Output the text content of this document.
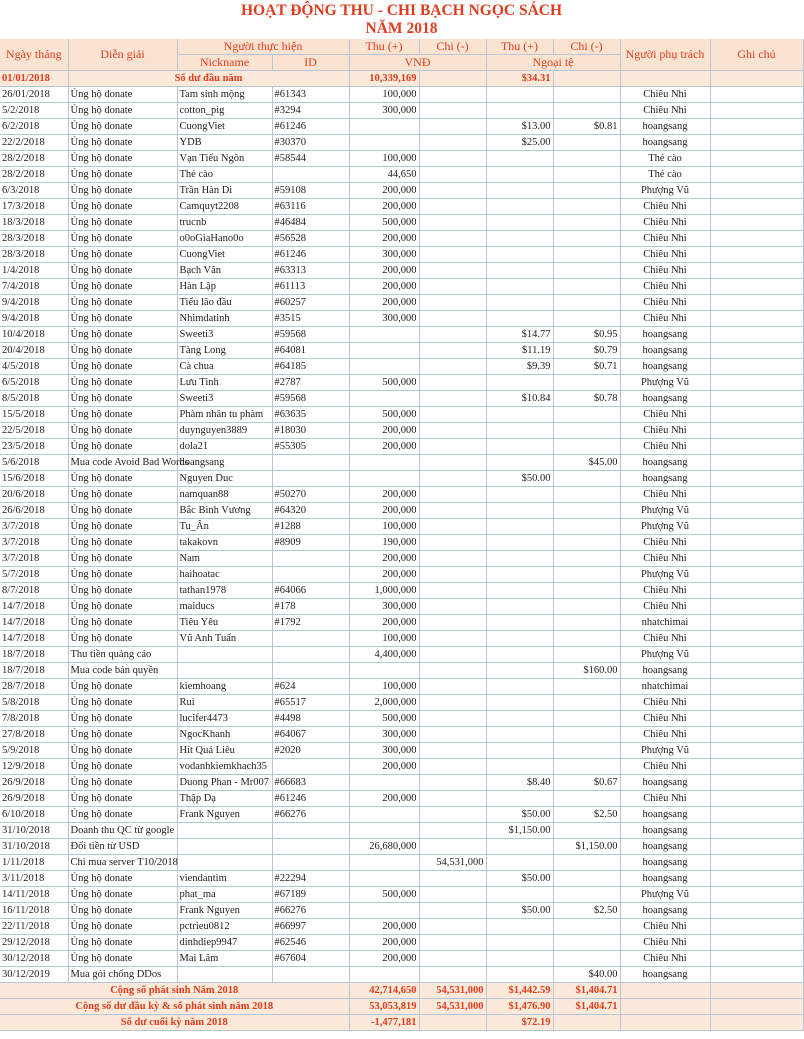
HOẠT ĐỘNG THU - CHI BẠCH NGỌC SÁCH
NĂM 2018
Ngày tháng	Diễn giải	Người thực hiện		Thu (+)	Chi (-)	Thu (+)	Chi (-)	Người phụ trách	Ghi chú
		Nickname	ID	VNĐ		Ngoại tệ			
01/01/2018	Số dư đầu năm			10,339,169		$34.31			
26/01/2018	Ủng hộ donate	Tam sinh mộng	#61343	100,000				Chiêu Nhi	
5/2/2018	Ủng hộ donate	cotton_pig	#3294	300,000				Chiêu Nhi	
6/2/2018	Ủng hộ donate	CuongViet	#61246			$13.00	$0.81	hoangsang	
22/2/2018	Ủng hộ donate	YDB	#30370			$25.00		hoangsang	
28/2/2018	Ủng hộ donate	Vạn Tiếu Ngôn	#58544	100,000				Thẻ cào	
28/2/2018	Ủng hộ donate	Thẻ cào		44,650				Thẻ cào	
6/3/2018	Ủng hộ donate	Trần Hàn Di	#59108	200,000				Phượng Vũ	
17/3/2018	Ủng hộ donate	Camquyt2208	#63116	200,000				Chiêu Nhi	
18/3/2018	Ủng hộ donate	trucnb	#46484	500,000				Chiêu Nhi	
28/3/2018	Ủng hộ donate	o0oGiaHano0o	#56528	200,000				Chiêu Nhi	
28/3/2018	Ủng hộ donate	CuongViet	#61246	300,000				Chiêu Nhi	
1/4/2018	Ủng hộ donate	Bạch Vân	#63313	200,000				Chiêu Nhi	
7/4/2018	Ủng hộ donate	Hàn Lập	#61113	200,000				Chiêu Nhi	
9/4/2018	Ủng hộ donate	Tiểu lão đầu	#60257	200,000				Chiêu Nhi	
9/4/2018	Ủng hộ donate	Nhimdatinh	#3515	300,000				Chiêu Nhi	
10/4/2018	Ủng hộ donate	Sweeti3	#59568			$14.77	$0.95	hoangsang	
20/4/2018	Ủng hộ donate	Tàng Long	#64081			$11.19	$0.79	hoangsang	
4/5/2018	Ủng hộ donate	Cà chua	#64185			$9.39	$0.71	hoangsang	
6/5/2018	Ủng hộ donate	Lưu Tinh	#2787	500,000				Phượng Vũ	
8/5/2018	Ủng hộ donate	Sweeti3	#59568			$10.84	$0.78	hoangsang	
15/5/2018	Ủng hộ donate	Phàm nhân tu phàm	#63635	500,000				Chiêu Nhi	
22/5/2018	Ủng hộ donate	duynguyen3889	#18030	200,000				Chiêu Nhi	
23/5/2018	Ủng hộ donate	dola21	#55305	200,000				Chiêu Nhi	
5/6/2018	Mua code Avoid Bad Words	hoangsang					$45.00	hoangsang	
15/6/2018	Ủng hộ donate	Nguyen Duc				$50.00		hoangsang	
20/6/2018	Ủng hộ donate	namquan88	#50270	200,000				Chiêu Nhi	
26/6/2018	Ủng hộ donate	Bắc Bình Vương	#64320	200,000				Phượng Vũ	
3/7/2018	Ủng hộ donate	Tu_Ân	#1288	100,000				Phượng Vũ	
3/7/2018	Ủng hộ donate	takakovn	#8909	190,000				Chiêu Nhi	
3/7/2018	Ủng hộ donate	Nam		200,000				Chiêu Nhi	
5/7/2018	Ủng hộ donate	haihoatac		200,000				Phượng Vũ	
8/7/2018	Ủng hộ donate	tathan1978	#64066	1,000,000				Chiêu Nhi	
14/7/2018	Ủng hộ donate	maiducs	#178	300,000				Chiêu Nhi	
14/7/2018	Ủng hộ donate	Tiêu Yêu	#1792	200,000				nhatchimai	
14/7/2018	Ủng hộ donate	Vũ Anh Tuấn		100,000				Chiêu Nhi	
18/7/2018	Thu tiền quảng cáo			4,400,000				Phượng Vũ	
18/7/2018	Mua code bản quyền						$160.00	hoangsang	
28/7/2018	Ủng hộ donate	kiemhoang	#624	100,000				nhatchimai	
5/8/2018	Ủng hộ donate	Rui	#65517	2,000,000				Chiêu Nhi	
7/8/2018	Ủng hộ donate	lucifer4473	#4498	500,000				Chiêu Nhi	
27/8/2018	Ủng hộ donate	NgocKhanh	#64067	300,000				Chiêu Nhi	
5/9/2018	Ủng hộ donate	Hít Quả Liêu	#2020	300,000				Phượng Vũ	
12/9/2018	Ủng hộ donate	vodanhkiemkhach35		200,000				Chiêu Nhi	
26/9/2018	Ủng hộ donate	Duong Phan - Mr007	#66683			$8.40	$0.67	hoangsang	
26/9/2018	Ủng hộ donate	Thập Dạ	#61246	200,000				Chiêu Nhi	
6/10/2018	Ủng hộ donate	Frank Nguyen	#66276			$50.00	$2.50	hoangsang	
31/10/2018	Doanh thu QC từ google					$1,150.00		hoangsang	
31/10/2018	Đổi tiền từ USD			26,680,000			$1,150.00	hoangsang	
1/11/2018	Chi mua server T10/2018				54,531,000			hoangsang	
3/11/2018	Ủng hộ donate	viendantim	#22294			$50.00		hoangsang	
14/11/2018	Ủng hộ donate	phat_ma	#67189	500,000				Phượng Vũ	
16/11/2018	Ủng hộ donate	Frank Nguyen	#66276			$50.00	$2.50	hoangsang	
22/11/2018	Ủng hộ donate	pctrieu0812	#66997	200,000				Chiêu Nhi	
29/12/2018	Ủng hộ donate	dinhdiep9947	#62546	200,000				Chiêu Nhi	
30/12/2018	Ủng hộ donate	Mai Lâm	#67604	200,000				Chiêu Nhi	
30/12/2019	Mua gói chống DDos						$40.00	hoangsang	
Cộng số phát sinh Năm 2018				42,714,650	54,531,000	$1,442.59	$1,404.71		
Cộng số dư đầu kỳ & số phát sinh năm 2018				53,053,819	54,531,000	$1,476.90	$1,404.71		
Số dư cuối kỳ năm 2018				-1,477,181		$72.19			
